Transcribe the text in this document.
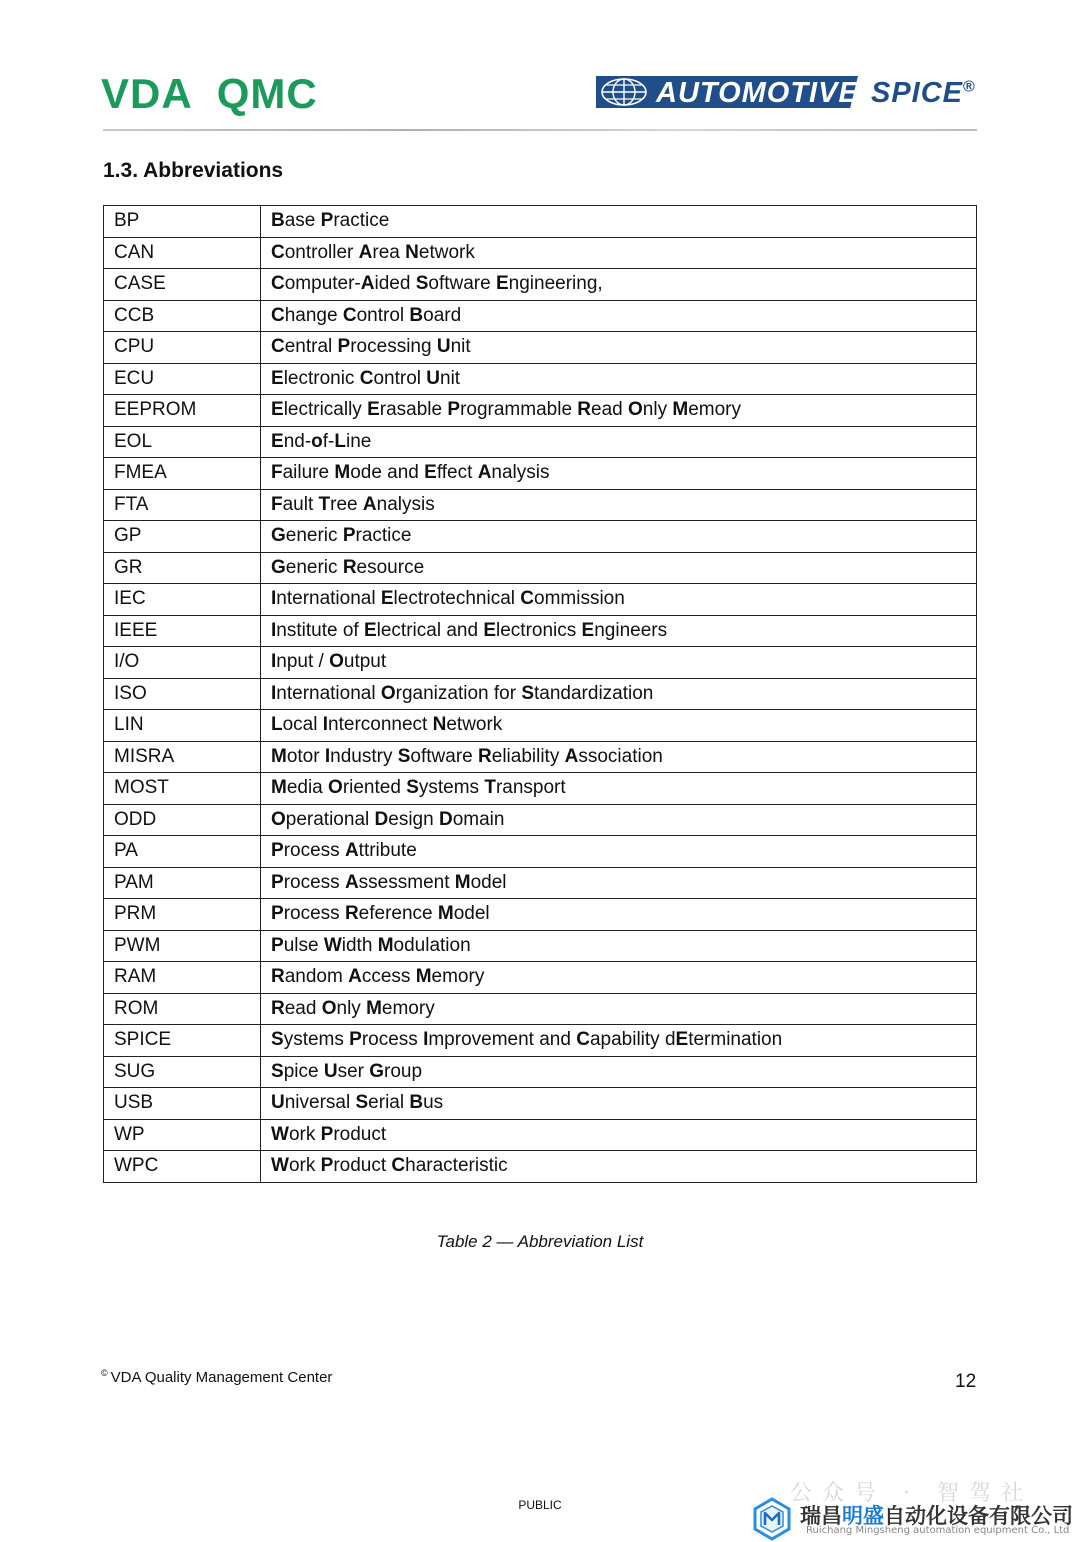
VDA QMC	AUTOMOTIVE SPICE®
1.3. Abbreviations
BP	Base Practice
CAN	Controller Area Network
CASE	Computer-Aided Software Engineering,
CCB	Change Control Board
CPU	Central Processing Unit
ECU	Electronic Control Unit
EEPROM	Electrically Erasable Programmable Read Only Memory
EOL	End-of-Line
FMEA	Failure Mode and Effect Analysis
FTA	Fault Tree Analysis
GP	Generic Practice
GR	Generic Resource
IEC	International Electrotechnical Commission
IEEE	Institute of Electrical and Electronics Engineers
I/O	Input / Output
ISO	International Organization for Standardization
LIN	Local Interconnect Network
MISRA	Motor Industry Software Reliability Association
MOST	Media Oriented Systems Transport
ODD	Operational Design Domain
PA	Process Attribute
PAM	Process Assessment Model
PRM	Process Reference Model
PWM	Pulse Width Modulation
RAM	Random Access Memory
ROM	Read Only Memory
SPICE	Systems Process Improvement and Capability dEtermination
SUG	Spice User Group
USB	Universal Serial Bus
WP	Work Product
WPC	Work Product Characteristic
Table 2 — Abbreviation List
© VDA Quality Management Center	12
PUBLIC	公众号 · 智驾社
瑞昌明盛自动化设备有限公司
Ruichang Mingsheng automation equipment Co., Ltd
